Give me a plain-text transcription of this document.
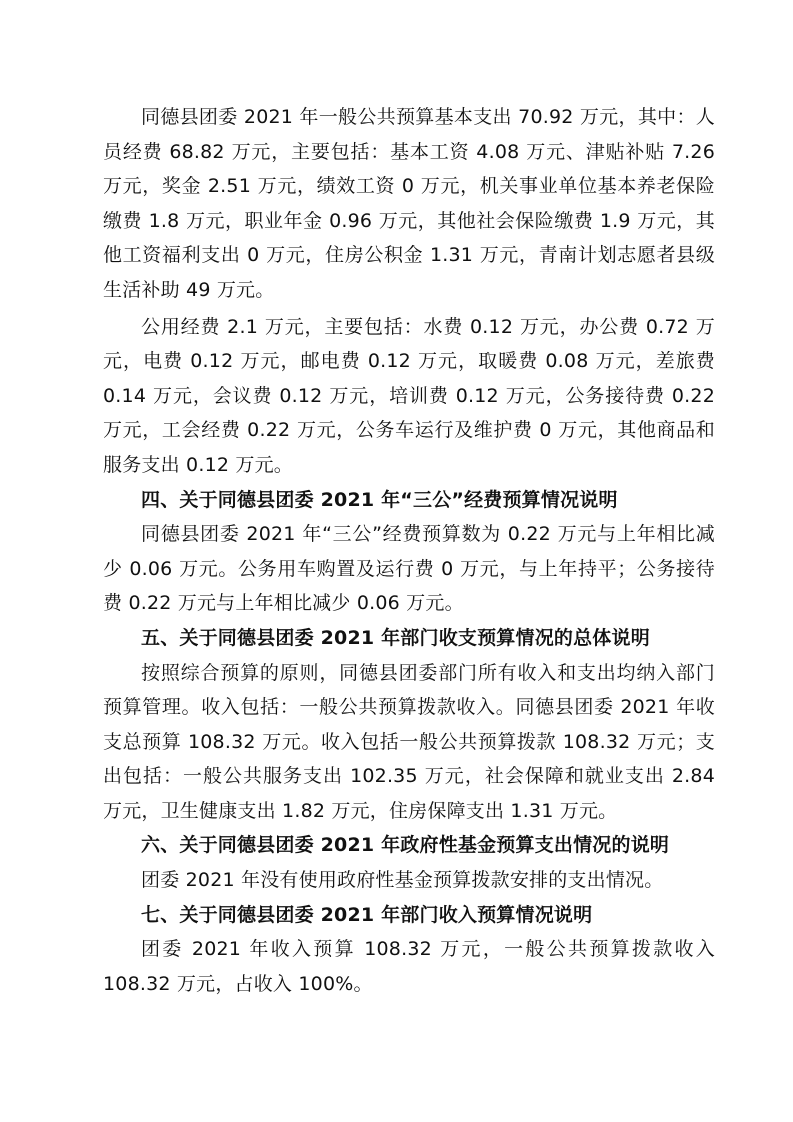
同德县团委 2021 年一般公共预算基本支出 70.92 万元，其中：人员经费 68.82 万元，主要包括：基本工资 4.08 万元、津贴补贴 7.26 万元，奖金 2.51 万元，绩效工资 0 万元，机关事业单位基本养老保险缴费 1.8 万元，职业年金 0.96 万元，其他社会保险缴费 1.9 万元，其他工资福利支出 0 万元，住房公积金 1.31 万元，青南计划志愿者县级生活补助 49 万元。

公用经费 2.1 万元，主要包括：水费 0.12 万元，办公费 0.72 万元，电费 0.12 万元，邮电费 0.12 万元，取暖费 0.08 万元，差旅费 0.14 万元，会议费 0.12 万元，培训费 0.12 万元，公务接待费 0.22 万元，工会经费 0.22 万元，公务车运行及维护费 0 万元，其他商品和服务支出 0.12 万元。

四、关于同德县团委 2021 年“三公”经费预算情况说明

同德县团委 2021 年“三公”经费预算数为 0.22 万元与上年相比减少 0.06 万元。公务用车购置及运行费 0 万元，与上年持平；公务接待费 0.22 万元与上年相比减少 0.06 万元。

五、关于同德县团委 2021 年部门收支预算情况的总体说明

按照综合预算的原则，同德县团委部门所有收入和支出均纳入部门预算管理。收入包括：一般公共预算拨款收入。同德县团委 2021 年收支总预算 108.32 万元。收入包括一般公共预算拨款 108.32 万元；支出包括：一般公共服务支出 102.35 万元，社会保障和就业支出 2.84 万元，卫生健康支出 1.82 万元，住房保障支出 1.31 万元。

六、关于同德县团委 2021 年政府性基金预算支出情况的说明

团委 2021 年没有使用政府性基金预算拨款安排的支出情况。

七、关于同德县团委 2021 年部门收入预算情况说明

团委 2021 年收入预算 108.32 万元，一般公共预算拨款收入 108.32 万元，占收入 100%。
